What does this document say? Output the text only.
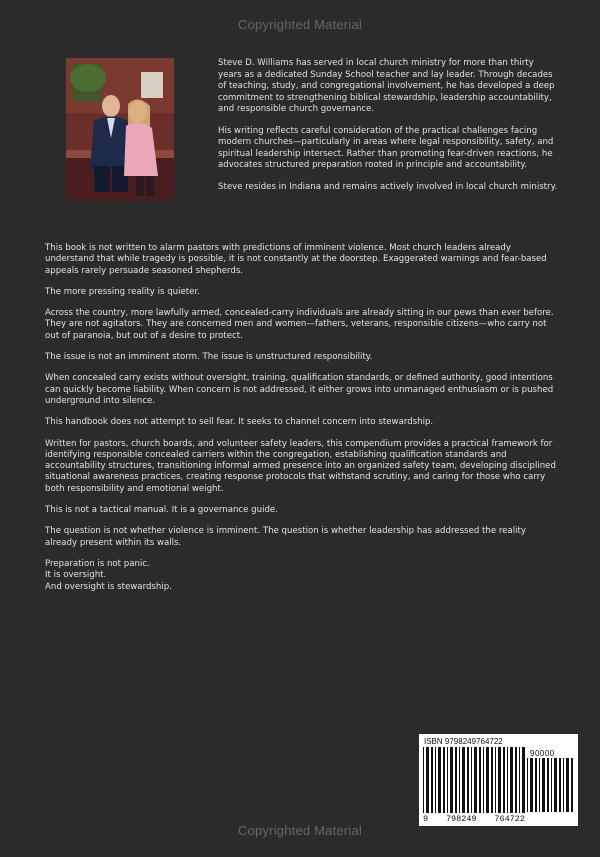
Copyrighted Material

Steve D. Williams has served in local church ministry for more than thirty years as a dedicated Sunday School teacher and lay leader. Through decades of teaching, study, and congregational involvement, he has developed a deep commitment to strengthening biblical stewardship, leadership accountability, and responsible church governance.

His writing reflects careful consideration of the practical challenges facing modern churches—particularly in areas where legal responsibility, safety, and spiritual leadership intersect. Rather than promoting fear-driven reactions, he advocates structured preparation rooted in principle and accountability.

Steve resides in Indiana and remains actively involved in local church ministry.

This book is not written to alarm pastors with predictions of imminent violence. Most church leaders already understand that while tragedy is possible, it is not constantly at the doorstep. Exaggerated warnings and fear-based appeals rarely persuade seasoned shepherds.

The more pressing reality is quieter.

Across the country, more lawfully armed, concealed-carry individuals are already sitting in our pews than ever before. They are not agitators. They are concerned men and women—fathers, veterans, responsible citizens—who carry not out of paranoia, but out of a desire to protect.

The issue is not an imminent storm. The issue is unstructured responsibility.

When concealed carry exists without oversight, training, qualification standards, or defined authority, good intentions can quickly become liability. When concern is not addressed, it either grows into unmanaged enthusiasm or is pushed underground into silence.

This handbook does not attempt to sell fear. It seeks to channel concern into stewardship.

Written for pastors, church boards, and volunteer safety leaders, this compendium provides a practical framework for identifying responsible concealed carriers within the congregation, establishing qualification standards and accountability structures, transitioning informal armed presence into an organized safety team, developing disciplined situational awareness practices, creating response protocols that withstand scrutiny, and caring for those who carry both responsibility and emotional weight.

This is not a tactical manual. It is a governance guide.

The question is not whether violence is imminent. The question is whether leadership has addressed the reality already present within its walls.

Preparation is not panic.
It is oversight.
And oversight is stewardship.

ISBN 9798249764722
90000
9 798249 764722
Copyrighted Material
